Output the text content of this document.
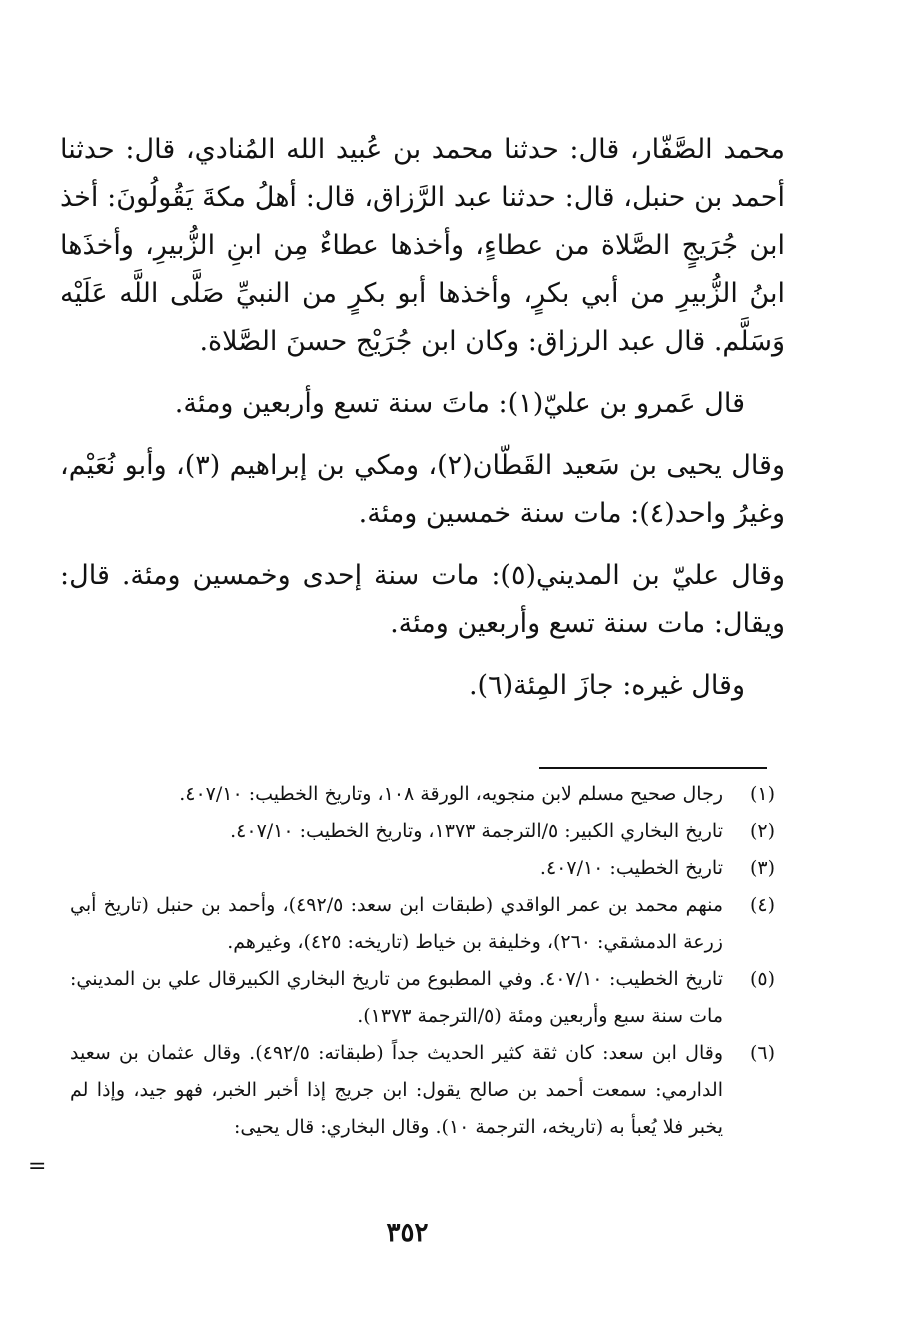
محمد الصَّفّار، قال: حدثنا محمد بن عُبيد الله المُنادي، قال: حدثنا أحمد بن حنبل، قال: حدثنا عبد الرَّزاق، قال: أهلُ مكةَ يَقُولُونَ: أخذ ابن جُرَيجٍ الصَّلاة من عطاءٍ، وأخذها عطاءٌ مِن ابنِ الزُّبيرِ، وأخذَها ابنُ الزُّبيرِ من أبي بكرٍ، وأخذها أبو بكرٍ من النبيِّ صَلَّى اللَّه عَلَيْه وَسَلَّم. قال عبد الرزاق: وكان ابن جُرَيْج حسنَ الصَّلاة.

قال عَمرو بن عليّ(١): ماتَ سنة تسع وأربعين ومئة.

وقال يحيى بن سَعيد القَطّان(٢)، ومكي بن إبراهيم (٣)، وأبو نُعَيْم، وغيرُ واحد(٤): مات سنة خمسين ومئة.

وقال عليّ بن المديني(٥): مات سنة إحدى وخمسين ومئة. قال: ويقال: مات سنة تسع وأربعين ومئة.

وقال غيره: جازَ المِئة(٦).

(١)

رجال صحيح مسلم لابن منجويه، الورقة ١٠٨، وتاريخ الخطيب: ٤٠٧/١٠.

(٢)

تاريخ البخاري الكبير: ٥/الترجمة ١٣٧٣، وتاريخ الخطيب: ٤٠٧/١٠.

(٣)

تاريخ الخطيب: ٤٠٧/١٠.

(٤)

منهم محمد بن عمر الواقدي (طبقات ابن سعد: ٤٩٢/٥)، وأحمد بن حنبل (تاريخ أبي زرعة الدمشقي: ٢٦٠)، وخليفة بن خياط (تاريخه: ٤٢٥)، وغيرهم.

(٥)

تاريخ الخطيب: ٤٠٧/١٠. وفي المطبوع من تاريخ البخاري الكبيرقال علي بن المديني: مات سنة سبع وأربعين ومئة (٥/الترجمة ١٣٧٣).

(٦)

وقال ابن سعد: كان ثقة كثير الحديث جداً (طبقاته: ٤٩٢/٥). وقال عثمان بن سعيد الدارمي: سمعت أحمد بن صالح يقول: ابن جريج إذا أخبر الخبر، فهو جيد، وإذا لم يخبر فلا يُعبأ به (تاريخه، الترجمة ١٠). وقال البخاري: قال يحيى:

=
٣٥٢
